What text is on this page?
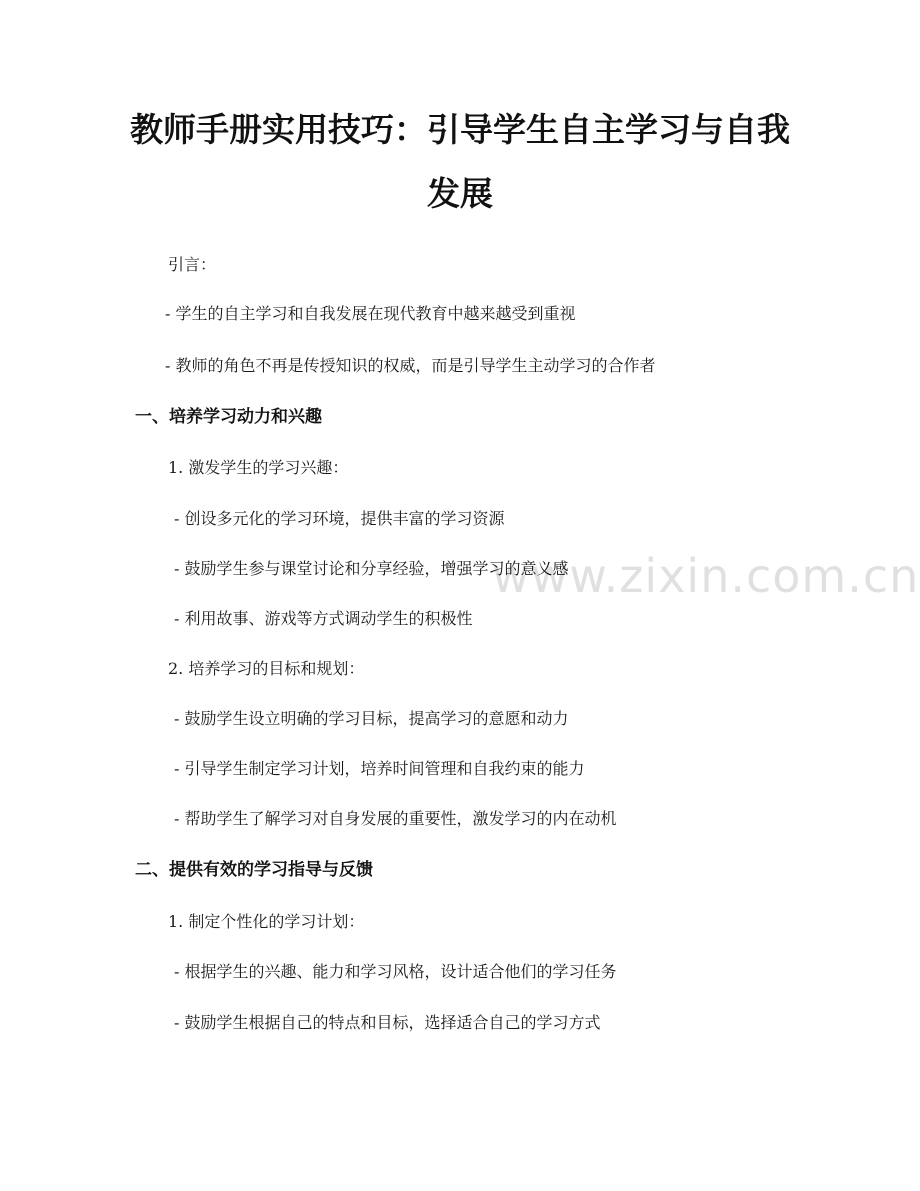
教师手册实用技巧：引导学生自主学习与自我发展
引言：
- 学生的自主学习和自我发展在现代教育中越来越受到重视
- 教师的角色不再是传授知识的权威，而是引导学生主动学习的合作者
一、培养学习动力和兴趣
1. 激发学生的学习兴趣：
- 创设多元化的学习环境，提供丰富的学习资源
- 鼓励学生参与课堂讨论和分享经验，增强学习的意义感
- 利用故事、游戏等方式调动学生的积极性
2. 培养学习的目标和规划：
- 鼓励学生设立明确的学习目标，提高学习的意愿和动力
- 引导学生制定学习计划，培养时间管理和自我约束的能力
- 帮助学生了解学习对自身发展的重要性，激发学习的内在动机
二、提供有效的学习指导与反馈
1. 制定个性化的学习计划：
- 根据学生的兴趣、能力和学习风格，设计适合他们的学习任务
- 鼓励学生根据自己的特点和目标，选择适合自己的学习方式
www.zixin.com.cn
